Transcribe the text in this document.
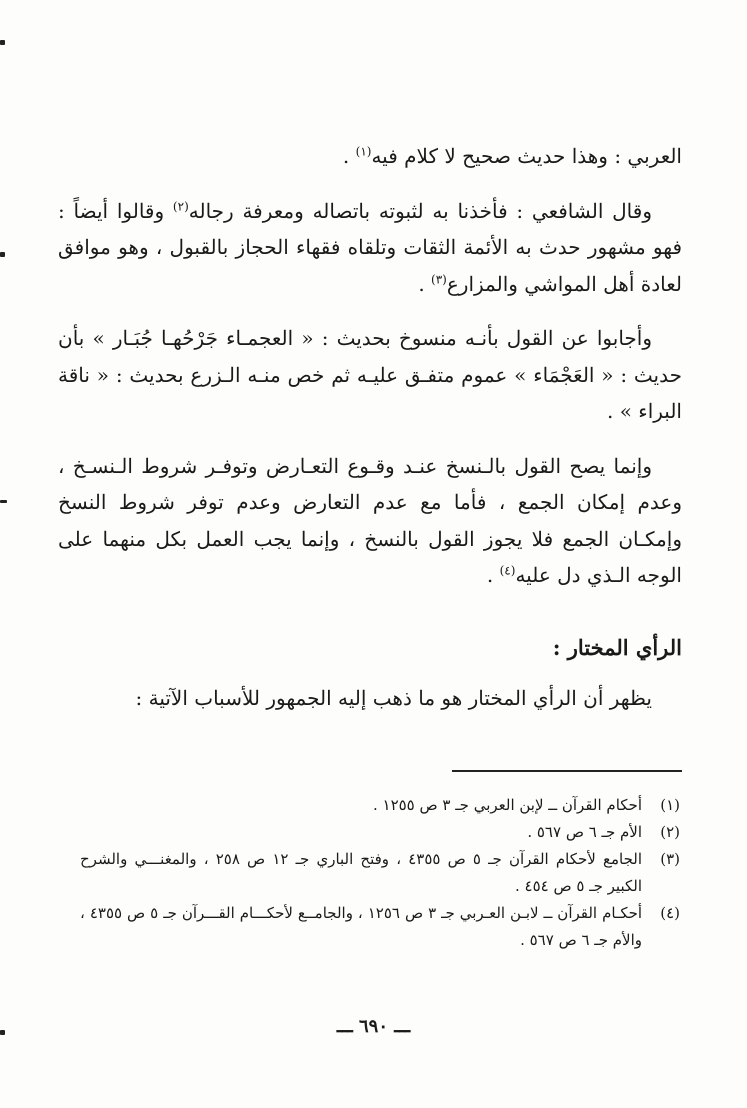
العربي : وهذا حديث صحيح لا كلام فيه$^{(١)}$ .

وقال الشافعي : فأخذنا به لثبوته باتصاله ومعرفة رجاله$^{(٢)}$ وقالوا أيضاً : فهو مشهور حدث به الأئمة الثقات وتلقاه فقهاء الحجاز بالقبول ، وهو موافق لعادة أهل المواشي والمزارع$^{(٣)}$ .

وأجابوا عن القول بأنـه منسوخ بحديث : « العجمـاء جَرْحُهـا جُبَـار » بأن حديث : « العَجْمَاء » عموم متفـق عليـه ثم خص منـه الـزرع بحديث : « ناقة البراء » .

وإنما يصح القول بالـنسخ عنـد وقـوع التعـارض وتوفـر شروط الـنسـخ ، وعدم إمكان الجمع ، فأما مع عدم التعارض وعدم توفر شروط النسخ وإمكـان الجمع فلا يجوز القول بالنسخ ، وإنما يجب العمل بكل منهما على الوجه الـذي دل عليه$^{(٤)}$ .

الرأي المختار :

يظهر أن الرأي المختار هو ما ذهب إليه الجمهور للأسباب الآتية :

(١)
أحكام القرآن ــ لإبن العربي جـ ٣ ص ١٢٥٥ .

(٢)
الأم جـ ٦ ص ٥٦٧ .

(٣)
الجامع لأحكام القرآن جـ ٥ ص ٤٣٥٥ ، وفتح الباري جـ ١٢ ص ٢٥٨ ، والمغنـــي والشرح الكبير جـ ٥ ص ٤٥٤ .

(٤)
أحكـام القرآن ــ لابـن العـربي جـ ٣ ص ١٢٥٦ ، والجامــع لأحكـــام القـــرآن جـ ٥ ص ٤٣٥٥ ، والأم جـ ٦ ص ٥٦٧ .

ـــ ٦٩٠ ـــ
